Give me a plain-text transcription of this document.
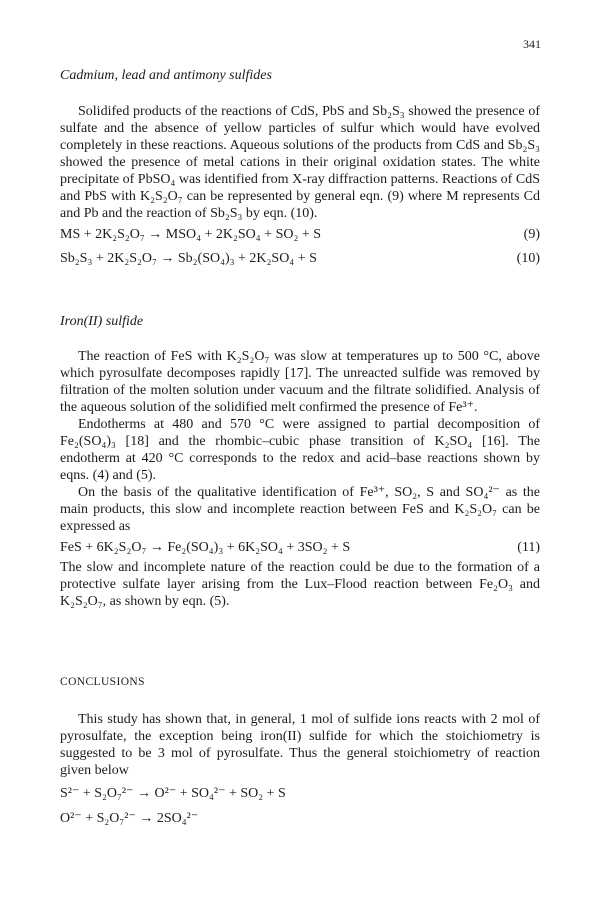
341
Cadmium, lead and antimony sulfides

Solidifed products of the reactions of CdS, PbS and Sb₂S₃ showed the presence of sulfate and the absence of yellow particles of sulfur which would have evolved completely in these reactions. Aqueous solutions of the products from CdS and Sb₂S₃ showed the presence of metal cations in their original oxidation states. The white precipitate of PbSO₄ was identified from X-ray diffraction patterns. Reactions of CdS and PbS with K₂S₂O₇ can be represented by general eqn. (9) where M represents Cd and Pb and the reaction of Sb₂S₃ by eqn. (10).

MS + 2K₂S₂O₇ → MSO₄ + 2K₂SO₄ + SO₂ + S	(9)
Sb₂S₃ + 2K₂S₂O₇ → Sb₂(SO₄)₃ + 2K₂SO₄ + S	(10)
Iron(II) sulfide

The reaction of FeS with K₂S₂O₇ was slow at temperatures up to 500 °C, above which pyrosulfate decomposes rapidly [17]. The unreacted sulfide was removed by filtration of the molten solution under vacuum and the filtrate solidified. Analysis of the aqueous solution of the solidified melt confirmed the presence of Fe³⁺.

Endotherms at 480 and 570 °C were assigned to partial decomposition of Fe₂(SO₄)₃ [18] and the rhombic–cubic phase transition of K₂SO₄ [16]. The endotherm at 420 °C corresponds to the redox and acid–base reactions shown by eqns. (4) and (5).

On the basis of the qualitative identification of Fe³⁺, SO₂, S and SO₄²⁻ as the main products, this slow and incomplete reaction between FeS and K₂S₂O₇ can be expressed as

FeS + 6K₂S₂O₇ → Fe₂(SO₄)₃ + 6K₂SO₄ + 3SO₂ + S	(11)

The slow and incomplete nature of the reaction could be due to the formation of a protective sulfate layer arising from the Lux–Flood reaction between Fe₂O₃ and K₂S₂O₇, as shown by eqn. (5).

CONCLUSIONS

This study has shown that, in general, 1 mol of sulfide ions reacts with 2 mol of pyrosulfate, the exception being iron(II) sulfide for which the stoichiometry is suggested to be 3 mol of pyrosulfate. Thus the general stoichiometry of reaction given below

S²⁻ + S₂O₇²⁻ → O²⁻ + SO₄²⁻ + SO₂ + S
O²⁻ + S₂O₇²⁻ → 2SO₄²⁻
